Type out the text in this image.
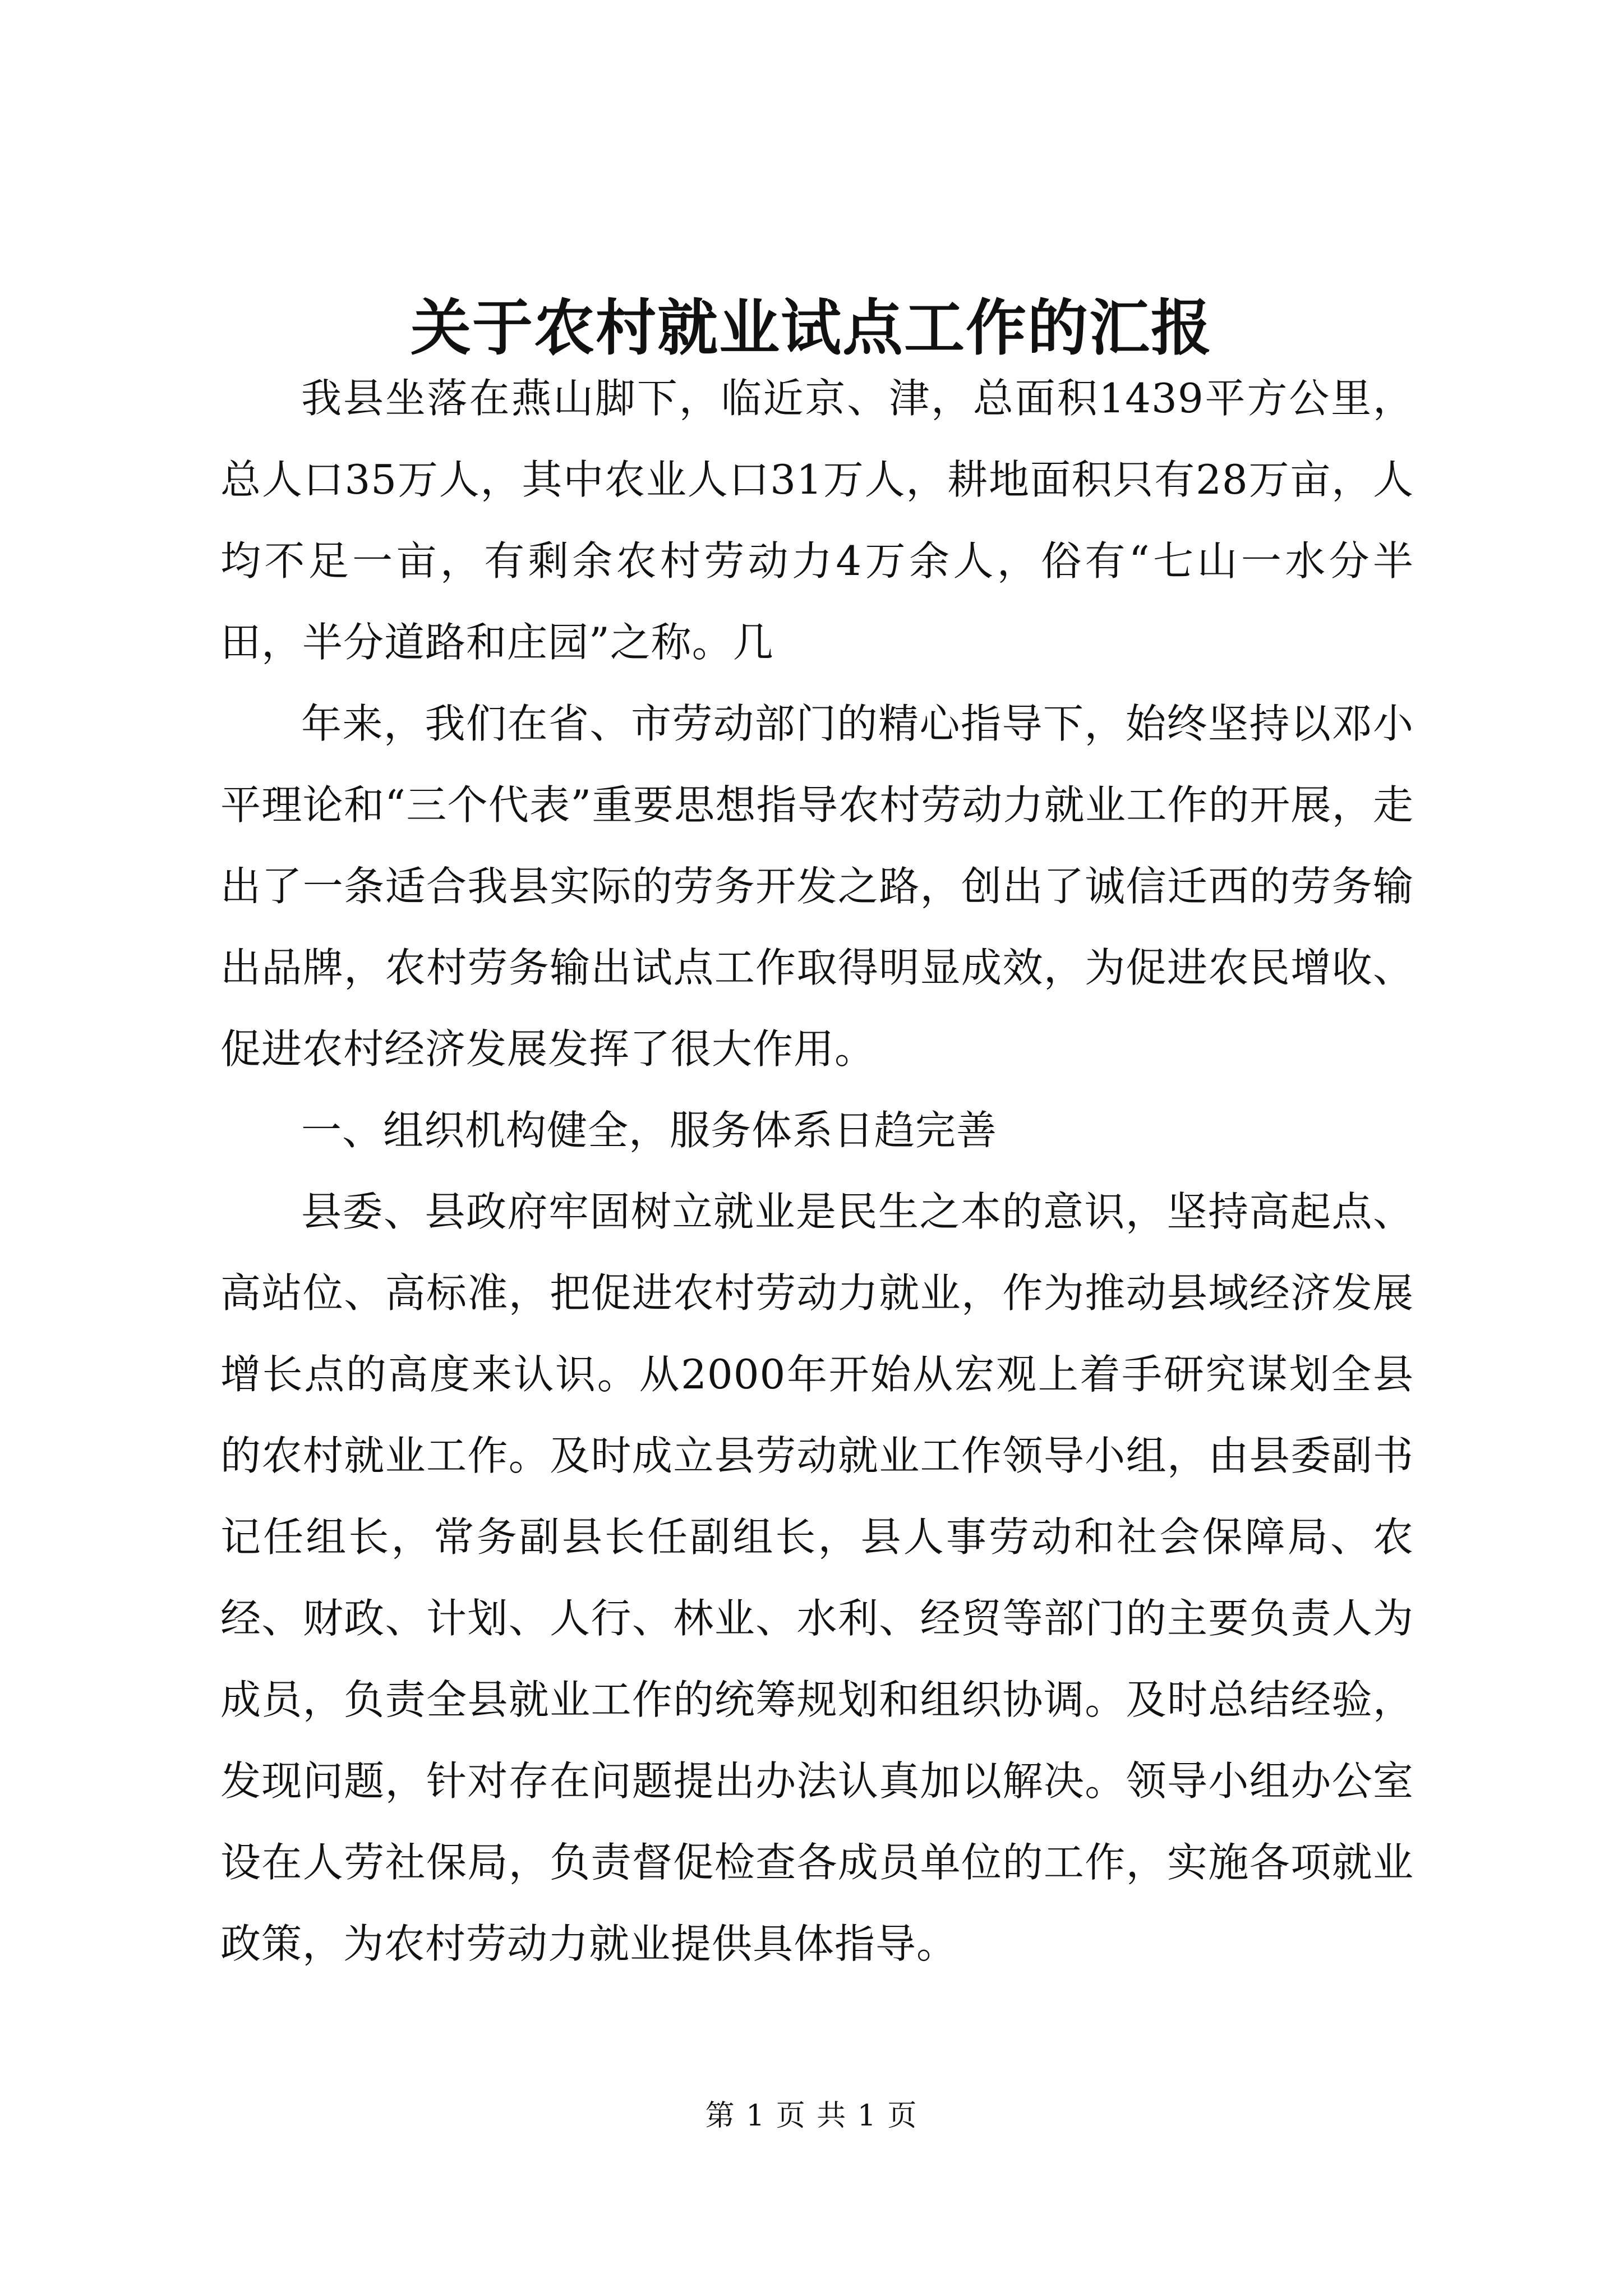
关于农村就业试点工作的汇报

我县坐落在燕山脚下，临近京、津，总面积1439平方公里，总人口35万人，其中农业人口31万人，耕地面积只有28万亩，人均不足一亩，有剩余农村劳动力4万余人，俗有“七山一水分半田，半分道路和庄园”之称。几

年来，我们在省、市劳动部门的精心指导下，始终坚持以邓小平理论和“三个代表”重要思想指导农村劳动力就业工作的开展，走出了一条适合我县实际的劳务开发之路，创出了诚信迁西的劳务输出品牌，农村劳务输出试点工作取得明显成效，为促进农民增收、促进农村经济发展发挥了很大作用。

一、组织机构健全，服务体系日趋完善

县委、县政府牢固树立就业是民生之本的意识，坚持高起点、高站位、高标准，把促进农村劳动力就业，作为推动县域经济发展增长点的高度来认识。从2000年开始从宏观上着手研究谋划全县的农村就业工作。及时成立县劳动就业工作领导小组，由县委副书记任组长，常务副县长任副组长，县人事劳动和社会保障局、农经、财政、计划、人行、林业、水利、经贸等部门的主要负责人为成员，负责全县就业工作的统筹规划和组织协调。及时总结经验，发现问题，针对存在问题提出办法认真加以解决。领导小组办公室设在人劳社保局，负责督促检查各成员单位的工作，实施各项就业政策，为农村劳动力就业提供具体指导。

第 1 页 共 1 页
